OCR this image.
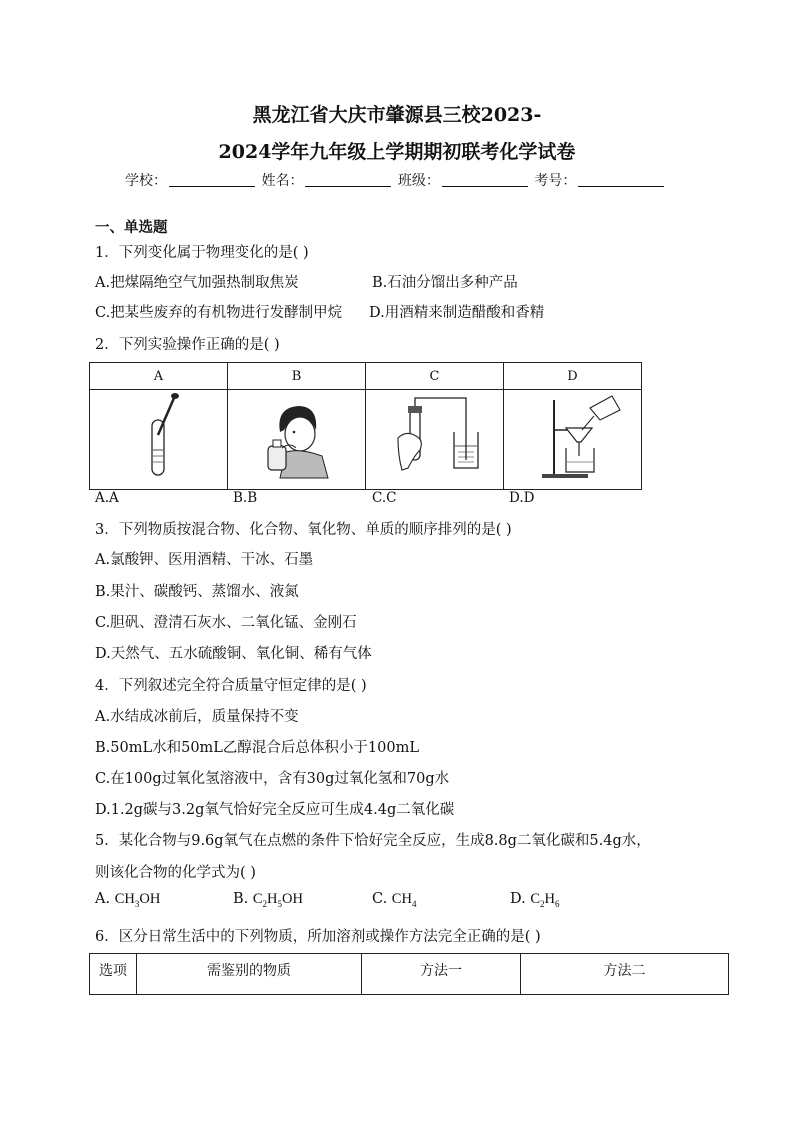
黑龙江省大庆市肇源县三校2023-
2024学年九年级上学期期初联考化学试卷
学校：	姓名：	班级：	考号：
一、单选题
1．下列变化属于物理变化的是( )
A.把煤隔绝空气加强热制取焦炭	B.石油分馏出多种产品
C.把某些废弃的有机物进行发酵制甲烷 D.用酒精来制造醋酸和香精
2．下列实验操作正确的是( )
A	B	C	D

A.A	B.B	C.C	D.D
3．下列物质按混合物、化合物、氧化物、单质的顺序排列的是( )
A.氯酸钾、医用酒精、干冰、石墨
B.果汁、碳酸钙、蒸馏水、液氮
C.胆矾、澄清石灰水、二氧化锰、金刚石
D.天然气、五水硫酸铜、氧化铜、稀有气体
4．下列叙述完全符合质量守恒定律的是( )
A.水结成冰前后，质量保持不变
B.50mL水和50mL乙醇混合后总体积小于100mL
C.在100g过氧化氢溶液中，含有30g过氧化氢和70g水
D.1.2g碳与3.2g氧气恰好完全反应可生成4.4g二氧化碳
5．某化合物与9.6g氧气在点燃的条件下恰好完全反应，生成8.8g二氧化碳和5.4g水，
则该化合物的化学式为( )
A. $CH_3OH$	B. $C_2H_5OH$	C. $CH_4$	D. $C_2H_6$
6．区分日常生活中的下列物质，所加溶剂或操作方法完全正确的是( )
选项	需鉴别的物质	方法一	方法二
